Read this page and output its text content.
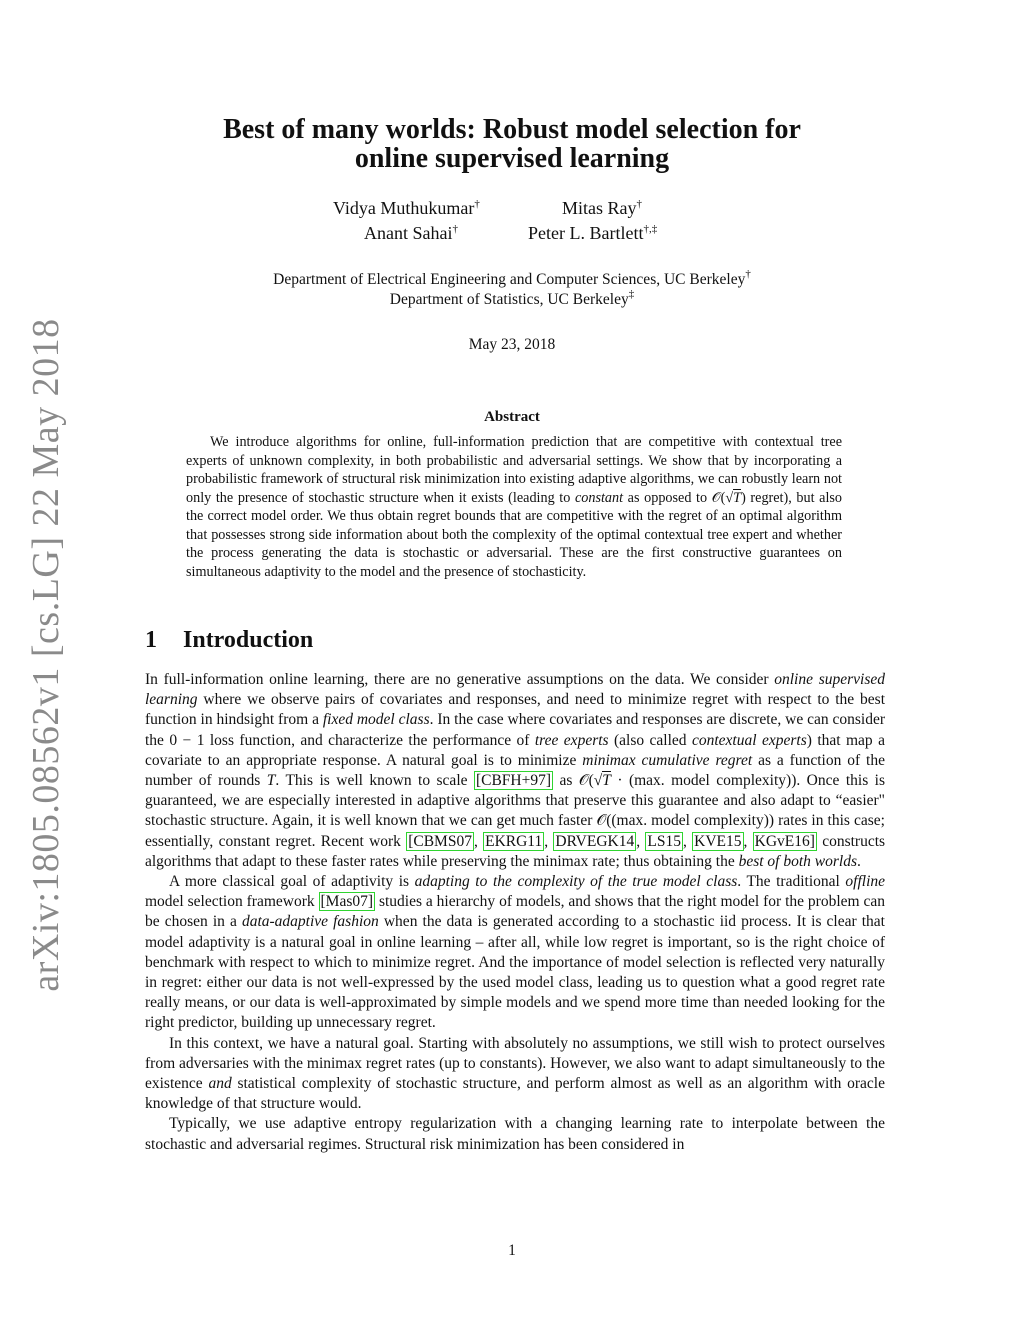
arXiv:1805.08562v1 [cs.LG] 22 May 2018
Best of many worlds: Robust model selection for
online supervised learning
Vidya Muthukumar†	Mitas Ray†
Anant Sahai†	Peter L. Bartlett†,‡
Department of Electrical Engineering and Computer Sciences, UC Berkeley†
Department of Statistics, UC Berkeley‡
May 23, 2018
Abstract

We introduce algorithms for online, full-information prediction that are competitive with contextual tree experts of unknown complexity, in both probabilistic and adversarial settings. We show that by incorporating a probabilistic framework of structural risk minimization into existing adaptive algorithms, we can robustly learn not only the presence of stochastic structure when it exists (leading to constant as opposed to 𝒪(√T) regret), but also the correct model order. We thus obtain regret bounds that are competitive with the regret of an optimal algorithm that possesses strong side information about both the complexity of the optimal contextual tree expert and whether the process generating the data is stochastic or adversarial. These are the first constructive guarantees on simultaneous adaptivity to the model and the presence of stochasticity.

1 Introduction

In full-information online learning, there are no generative assumptions on the data. We consider online supervised learning where we observe pairs of covariates and responses, and need to minimize regret with respect to the best function in hindsight from a fixed model class. In the case where covariates and responses are discrete, we can consider the 0 − 1 loss function, and characterize the performance of tree experts (also called contextual experts) that map a covariate to an appropriate response. A natural goal is to minimize minimax cumulative regret as a function of the number of rounds T. This is well known to scale [CBFH+97] as 𝒪(√T · (max. model complexity)). Once this is guaranteed, we are especially interested in adaptive algorithms that preserve this guarantee and also adapt to “easier" stochastic structure. Again, it is well known that we can get much faster 𝒪((max. model complexity)) rates in this case; essentially, constant regret. Recent work [CBMS07 , EKRG11 , DRVEGK14 , LS15 , KVE15 , KGvE16] constructs algorithms that adapt to these faster rates while preserving the minimax rate; thus obtaining the best of both worlds.

A more classical goal of adaptivity is adapting to the complexity of the true model class. The traditional offline model selection framework [Mas07] studies a hierarchy of models, and shows that the right model for the problem can be chosen in a data-adaptive fashion when the data is generated according to a stochastic iid process. It is clear that model adaptivity is a natural goal in online learning – after all, while low regret is important, so is the right choice of benchmark with respect to which to minimize regret. And the importance of model selection is reflected very naturally in regret: either our data is not well-expressed by the used model class, leading us to question what a good regret rate really means, or our data is well-approximated by simple models and we spend more time than needed looking for the right predictor, building up unnecessary regret.

In this context, we have a natural goal. Starting with absolutely no assumptions, we still wish to protect ourselves from adversaries with the minimax regret rates (up to constants). However, we also want to adapt simultaneously to the existence and statistical complexity of stochastic structure, and perform almost as well as an algorithm with oracle knowledge of that structure would.

Typically, we use adaptive entropy regularization with a changing learning rate to interpolate between the stochastic and adversarial regimes. Structural risk minimization has been considered in

1
